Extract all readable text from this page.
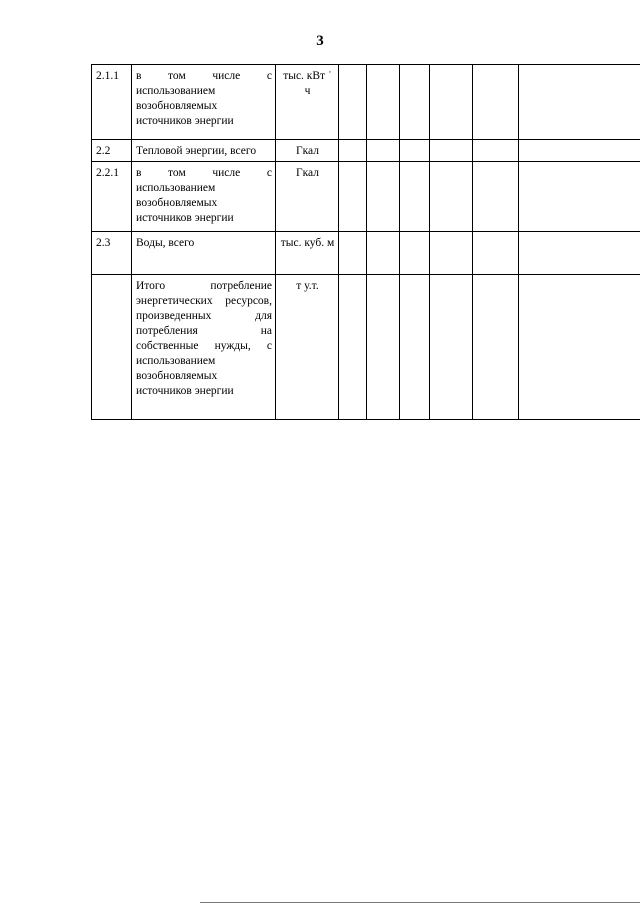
3
2.1.1	в том числе с использованием возобновляемых источников энергии	тыс. кВт ˙ ч						
2.2	Тепловой энергии, всего	Гкал						
2.2.1	в том числе с использованием возобновляемых источников энергии	Гкал						
2.3	Воды, всего	тыс. куб. м						
	Итого потребление энергетических ресурсов, произведенных для потребления на собственные нужды, с использованием возобновляемых источников энергии	т у.т.						
